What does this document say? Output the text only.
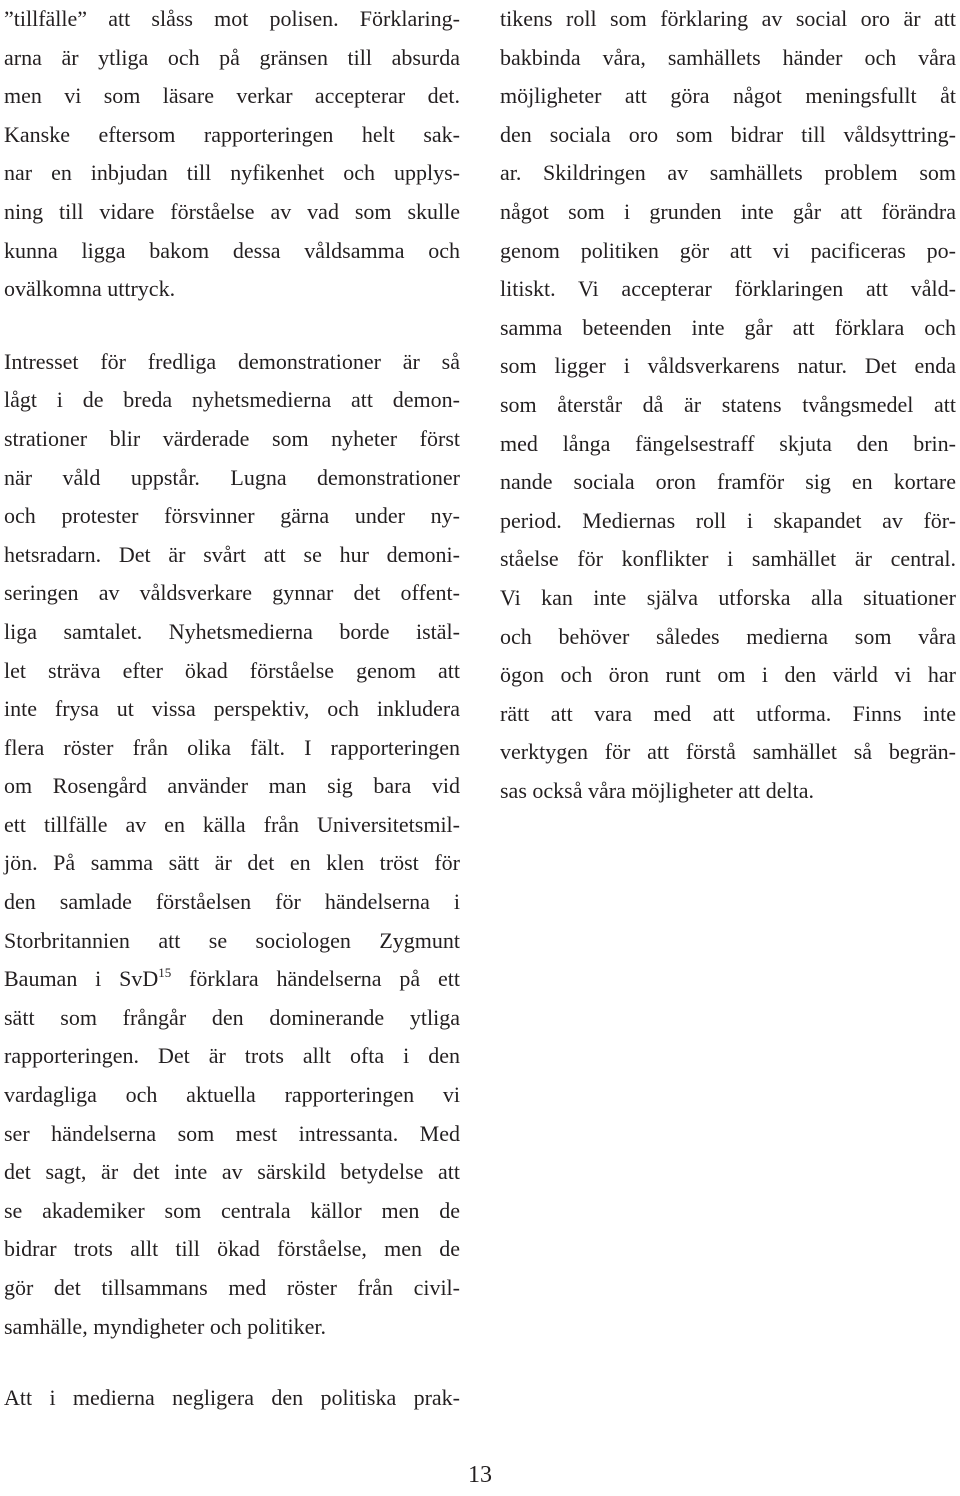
”tillfälle” att slåss mot polisen. Förklaring-
arna är ytliga och på gränsen till absurda
men vi som läsare verkar accepterar det.
Kanske eftersom rapporteringen helt sak-
nar en inbjudan till nyfikenhet och upplys-
ning till vidare förståelse av vad som skulle
kunna ligga bakom dessa våldsamma och
ovälkomna uttryck.
Intresset för fredliga demonstrationer är så
lågt i de breda nyhetsmedierna att demon-
strationer blir värderade som nyheter först
när våld uppstår. Lugna demonstrationer
och protester försvinner gärna under ny-
hetsradarn. Det är svårt att se hur demoni-
seringen av våldsverkare gynnar det offent-
liga samtalet. Nyhetsmedierna borde istäl-
let sträva efter ökad förståelse genom att
inte frysa ut vissa perspektiv, och inkludera
flera röster från olika fält. I rapporteringen
om Rosengård använder man sig bara vid
ett tillfälle av en källa från Universitetsmil-
jön. På samma sätt är det en klen tröst för
den samlade förståelsen för händelserna i
Storbritannien att se sociologen Zygmunt
Bauman i SvD$^{15}$ förklara händelserna på ett
sätt som frångår den dominerande ytliga
rapporteringen. Det är trots allt ofta i den
vardagliga och aktuella rapporteringen vi
ser händelserna som mest intressanta. Med
det sagt, är det inte av särskild betydelse att
se akademiker som centrala källor men de
bidrar trots allt till ökad förståelse, men de
gör det tillsammans med röster från civil-
samhälle, myndigheter och politiker.
Att i medierna negligera den politiska prak-
tikens roll som förklaring av social oro är att
bakbinda våra, samhällets händer och våra
möjligheter att göra något meningsfullt åt
den sociala oro som bidrar till våldsyttring-
ar. Skildringen av samhällets problem som
något som i grunden inte går att förändra
genom politiken gör att vi pacificeras po-
litiskt. Vi accepterar förklaringen att våld-
samma beteenden inte går att förklara och
som ligger i våldsverkarens natur. Det enda
som återstår då är statens tvångsmedel att
med långa fängelsestraff skjuta den brin-
nande sociala oron framför sig en kortare
period. Mediernas roll i skapandet av för-
ståelse för konflikter i samhället är central.
Vi kan inte själva utforska alla situationer
och behöver således medierna som våra
ögon och öron runt om i den värld vi har
rätt att vara med att utforma. Finns inte
verktygen för att förstå samhället så begrän-
sas också våra möjligheter att delta.
13
